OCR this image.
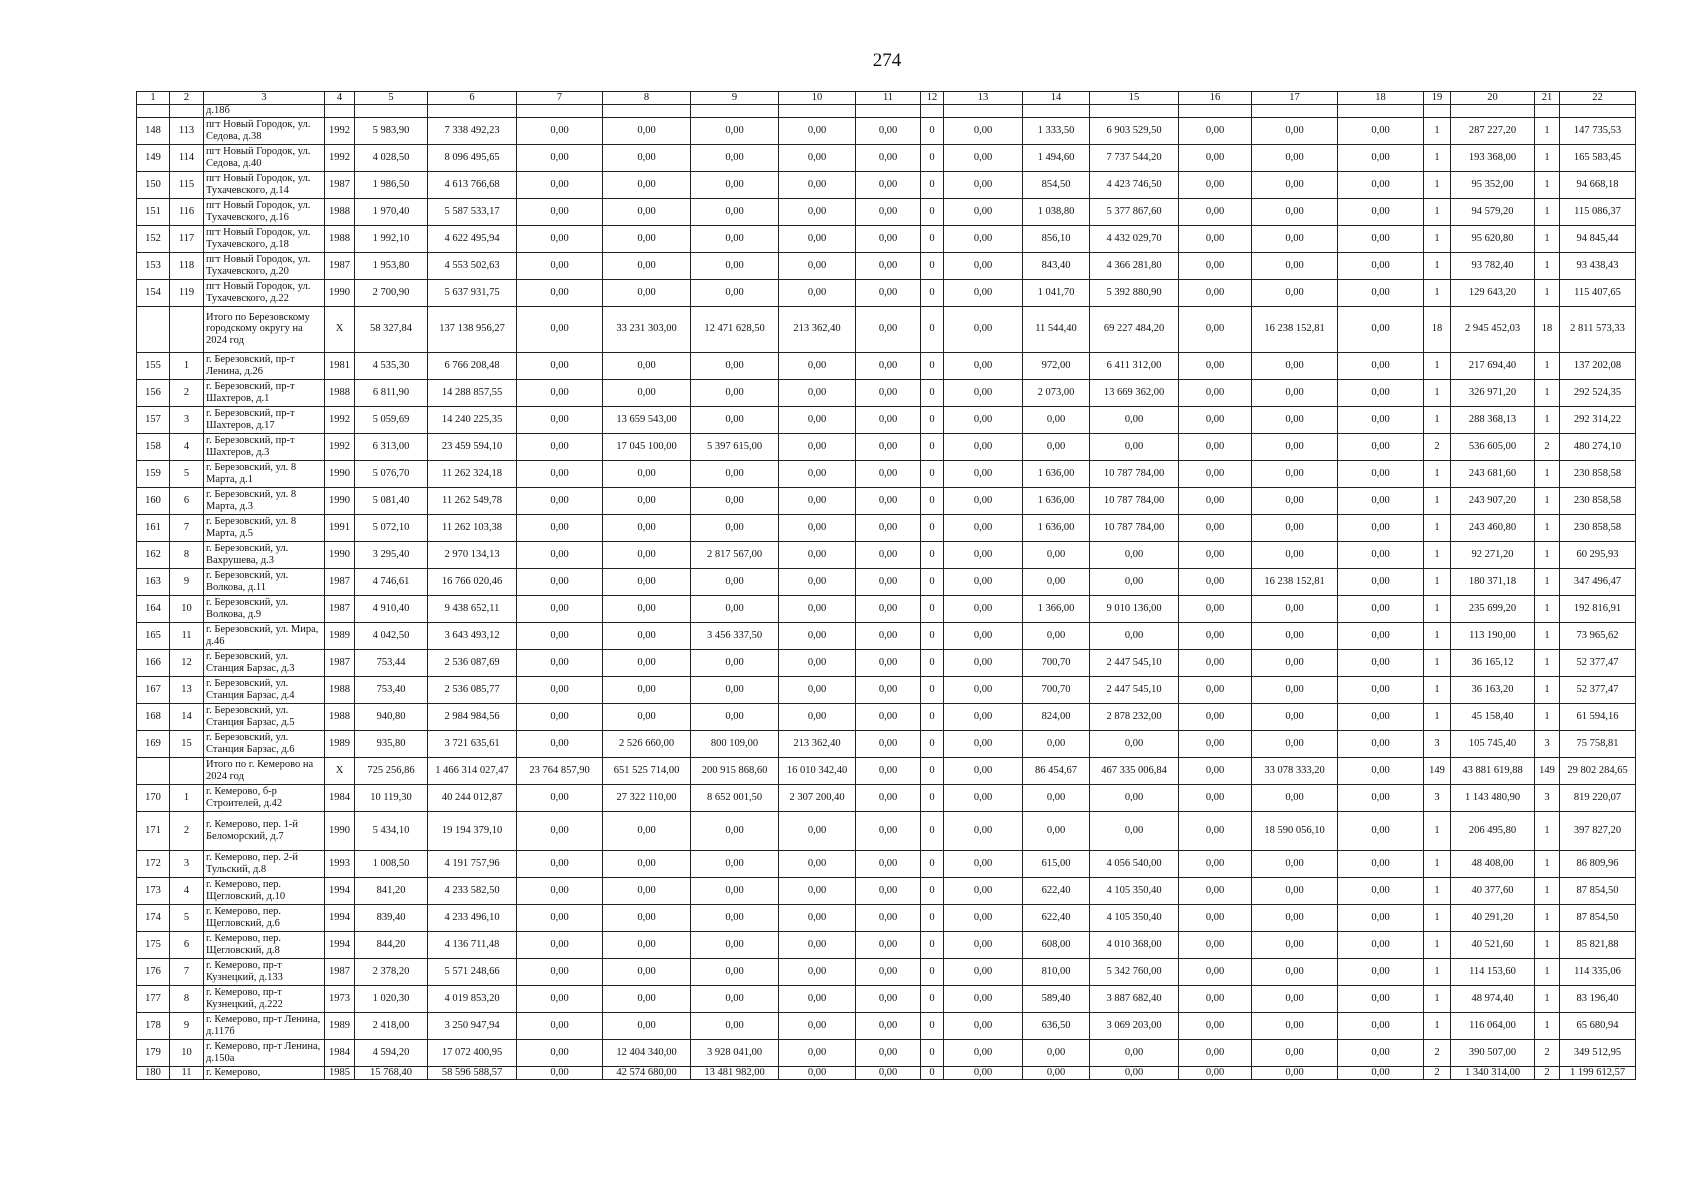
274
1	2	3	4	5	6	7	8	9	10	11	12	13	14	15	16	17	18	19	20	21	22
		д.18б																			
148	113	пгт Новый Городок, ул. Седова, д.38	1992	5 983,90	7 338 492,23	0,00	0,00	0,00	0,00	0,00	0	0,00	1 333,50	6 903 529,50	0,00	0,00	0,00	1	287 227,20	1	147 735,53
149	114	пгт Новый Городок, ул. Седова, д.40	1992	4 028,50	8 096 495,65	0,00	0,00	0,00	0,00	0,00	0	0,00	1 494,60	7 737 544,20	0,00	0,00	0,00	1	193 368,00	1	165 583,45
150	115	пгт Новый Городок, ул. Тухачевского, д.14	1987	1 986,50	4 613 766,68	0,00	0,00	0,00	0,00	0,00	0	0,00	854,50	4 423 746,50	0,00	0,00	0,00	1	95 352,00	1	94 668,18
151	116	пгт Новый Городок, ул. Тухачевского, д.16	1988	1 970,40	5 587 533,17	0,00	0,00	0,00	0,00	0,00	0	0,00	1 038,80	5 377 867,60	0,00	0,00	0,00	1	94 579,20	1	115 086,37
152	117	пгт Новый Городок, ул. Тухачевского, д.18	1988	1 992,10	4 622 495,94	0,00	0,00	0,00	0,00	0,00	0	0,00	856,10	4 432 029,70	0,00	0,00	0,00	1	95 620,80	1	94 845,44
153	118	пгт Новый Городок, ул. Тухачевского, д.20	1987	1 953,80	4 553 502,63	0,00	0,00	0,00	0,00	0,00	0	0,00	843,40	4 366 281,80	0,00	0,00	0,00	1	93 782,40	1	93 438,43
154	119	пгт Новый Городок, ул. Тухачевского, д.22	1990	2 700,90	5 637 931,75	0,00	0,00	0,00	0,00	0,00	0	0,00	1 041,70	5 392 880,90	0,00	0,00	0,00	1	129 643,20	1	115 407,65
		Итого по Березовскому городскому округу на 2024 год	X	58 327,84	137 138 956,27	0,00	33 231 303,00	12 471 628,50	213 362,40	0,00	0	0,00	11 544,40	69 227 484,20	0,00	16 238 152,81	0,00	18	2 945 452,03	18	2 811 573,33
155	1	г. Березовский, пр-т Ленина, д.26	1981	4 535,30	6 766 208,48	0,00	0,00	0,00	0,00	0,00	0	0,00	972,00	6 411 312,00	0,00	0,00	0,00	1	217 694,40	1	137 202,08
156	2	г. Березовский, пр-т Шахтеров, д.1	1988	6 811,90	14 288 857,55	0,00	0,00	0,00	0,00	0,00	0	0,00	2 073,00	13 669 362,00	0,00	0,00	0,00	1	326 971,20	1	292 524,35
157	3	г. Березовский, пр-т Шахтеров, д.17	1992	5 059,69	14 240 225,35	0,00	13 659 543,00	0,00	0,00	0,00	0	0,00	0,00	0,00	0,00	0,00	0,00	1	288 368,13	1	292 314,22
158	4	г. Березовский, пр-т Шахтеров, д.3	1992	6 313,00	23 459 594,10	0,00	17 045 100,00	5 397 615,00	0,00	0,00	0	0,00	0,00	0,00	0,00	0,00	0,00	2	536 605,00	2	480 274,10
159	5	г. Березовский, ул. 8 Марта, д.1	1990	5 076,70	11 262 324,18	0,00	0,00	0,00	0,00	0,00	0	0,00	1 636,00	10 787 784,00	0,00	0,00	0,00	1	243 681,60	1	230 858,58
160	6	г. Березовский, ул. 8 Марта, д.3	1990	5 081,40	11 262 549,78	0,00	0,00	0,00	0,00	0,00	0	0,00	1 636,00	10 787 784,00	0,00	0,00	0,00	1	243 907,20	1	230 858,58
161	7	г. Березовский, ул. 8 Марта, д.5	1991	5 072,10	11 262 103,38	0,00	0,00	0,00	0,00	0,00	0	0,00	1 636,00	10 787 784,00	0,00	0,00	0,00	1	243 460,80	1	230 858,58
162	8	г. Березовский, ул. Вахрушева, д.3	1990	3 295,40	2 970 134,13	0,00	0,00	2 817 567,00	0,00	0,00	0	0,00	0,00	0,00	0,00	0,00	0,00	1	92 271,20	1	60 295,93
163	9	г. Березовский, ул. Волкова, д.11	1987	4 746,61	16 766 020,46	0,00	0,00	0,00	0,00	0,00	0	0,00	0,00	0,00	0,00	16 238 152,81	0,00	1	180 371,18	1	347 496,47
164	10	г. Березовский, ул. Волкова, д.9	1987	4 910,40	9 438 652,11	0,00	0,00	0,00	0,00	0,00	0	0,00	1 366,00	9 010 136,00	0,00	0,00	0,00	1	235 699,20	1	192 816,91
165	11	г. Березовский, ул. Мира, д.46	1989	4 042,50	3 643 493,12	0,00	0,00	3 456 337,50	0,00	0,00	0	0,00	0,00	0,00	0,00	0,00	0,00	1	113 190,00	1	73 965,62
166	12	г. Березовский, ул. Станция Барзас, д.3	1987	753,44	2 536 087,69	0,00	0,00	0,00	0,00	0,00	0	0,00	700,70	2 447 545,10	0,00	0,00	0,00	1	36 165,12	1	52 377,47
167	13	г. Березовский, ул. Станция Барзас, д.4	1988	753,40	2 536 085,77	0,00	0,00	0,00	0,00	0,00	0	0,00	700,70	2 447 545,10	0,00	0,00	0,00	1	36 163,20	1	52 377,47
168	14	г. Березовский, ул. Станция Барзас, д.5	1988	940,80	2 984 984,56	0,00	0,00	0,00	0,00	0,00	0	0,00	824,00	2 878 232,00	0,00	0,00	0,00	1	45 158,40	1	61 594,16
169	15	г. Березовский, ул. Станция Барзас, д.6	1989	935,80	3 721 635,61	0,00	2 526 660,00	800 109,00	213 362,40	0,00	0	0,00	0,00	0,00	0,00	0,00	0,00	3	105 745,40	3	75 758,81
		Итого по г. Кемерово на 2024 год	X	725 256,86	1 466 314 027,47	23 764 857,90	651 525 714,00	200 915 868,60	16 010 342,40	0,00	0	0,00	86 454,67	467 335 006,84	0,00	33 078 333,20	0,00	149	43 881 619,88	149	29 802 284,65
170	1	г. Кемерово, б-р Строителей, д.42	1984	10 119,30	40 244 012,87	0,00	27 322 110,00	8 652 001,50	2 307 200,40	0,00	0	0,00	0,00	0,00	0,00	0,00	0,00	3	1 143 480,90	3	819 220,07
171	2	г. Кемерово, пер. 1-й Беломорский, д.7	1990	5 434,10	19 194 379,10	0,00	0,00	0,00	0,00	0,00	0	0,00	0,00	0,00	0,00	18 590 056,10	0,00	1	206 495,80	1	397 827,20
172	3	г. Кемерово, пер. 2-й Тульский, д.8	1993	1 008,50	4 191 757,96	0,00	0,00	0,00	0,00	0,00	0	0,00	615,00	4 056 540,00	0,00	0,00	0,00	1	48 408,00	1	86 809,96
173	4	г. Кемерово, пер. Щегловский, д.10	1994	841,20	4 233 582,50	0,00	0,00	0,00	0,00	0,00	0	0,00	622,40	4 105 350,40	0,00	0,00	0,00	1	40 377,60	1	87 854,50
174	5	г. Кемерово, пер. Щегловский, д.6	1994	839,40	4 233 496,10	0,00	0,00	0,00	0,00	0,00	0	0,00	622,40	4 105 350,40	0,00	0,00	0,00	1	40 291,20	1	87 854,50
175	6	г. Кемерово, пер. Щегловский, д.8	1994	844,20	4 136 711,48	0,00	0,00	0,00	0,00	0,00	0	0,00	608,00	4 010 368,00	0,00	0,00	0,00	1	40 521,60	1	85 821,88
176	7	г. Кемерово, пр-т Кузнецкий, д.133	1987	2 378,20	5 571 248,66	0,00	0,00	0,00	0,00	0,00	0	0,00	810,00	5 342 760,00	0,00	0,00	0,00	1	114 153,60	1	114 335,06
177	8	г. Кемерово, пр-т Кузнецкий, д.222	1973	1 020,30	4 019 853,20	0,00	0,00	0,00	0,00	0,00	0	0,00	589,40	3 887 682,40	0,00	0,00	0,00	1	48 974,40	1	83 196,40
178	9	г. Кемерово, пр-т Ленина, д.117б	1989	2 418,00	3 250 947,94	0,00	0,00	0,00	0,00	0,00	0	0,00	636,50	3 069 203,00	0,00	0,00	0,00	1	116 064,00	1	65 680,94
179	10	г. Кемерово, пр-т Ленина, д.150а	1984	4 594,20	17 072 400,95	0,00	12 404 340,00	3 928 041,00	0,00	0,00	0	0,00	0,00	0,00	0,00	0,00	0,00	2	390 507,00	2	349 512,95
180	11	г. Кемерово,	1985	15 768,40	58 596 588,57	0,00	42 574 680,00	13 481 982,00	0,00	0,00	0	0,00	0,00	0,00	0,00	0,00	0,00	2	1 340 314,00	2	1 199 612,57
